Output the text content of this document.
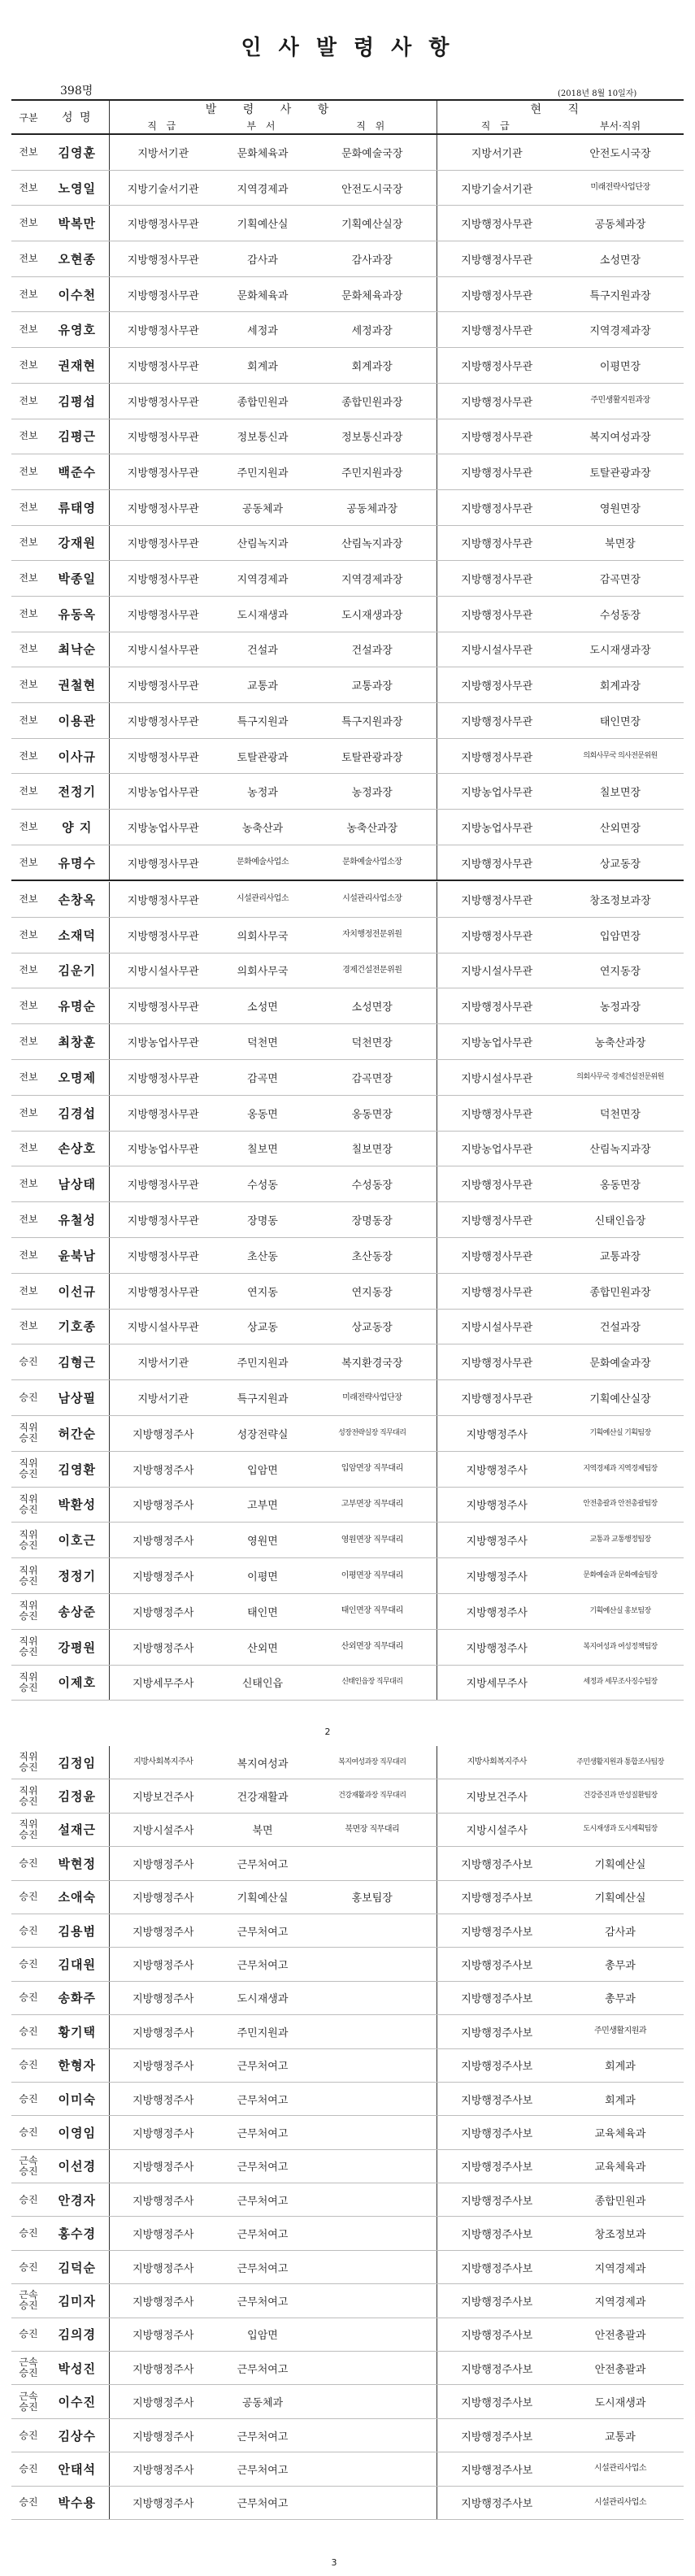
인 사 발 령 사 항
398명	(2018년 8월 10일자)
구분	성 명	발 령 사 항			현 직	
		직 급	부 서	직 위	직 급	부서·직위
전보	김영훈	지방서기관	문화체육과	문화예술국장	지방서기관	안전도시국장
전보	노영일	지방기술서기관	지역경제과	안전도시국장	지방기술서기관	미래전략사업단장
전보	박복만	지방행정사무관	기획예산실	기획예산실장	지방행정사무관	공동체과장
전보	오현종	지방행정사무관	감사과	감사과장	지방행정사무관	소성면장
전보	이수천	지방행정사무관	문화체육과	문화체육과장	지방행정사무관	특구지원과장
전보	유영호	지방행정사무관	세정과	세정과장	지방행정사무관	지역경제과장
전보	권재현	지방행정사무관	회계과	회계과장	지방행정사무관	이평면장
전보	김평섭	지방행정사무관	종합민원과	종합민원과장	지방행정사무관	주민생활지원과장
전보	김평근	지방행정사무관	정보통신과	정보통신과장	지방행정사무관	복지여성과장
전보	백준수	지방행정사무관	주민지원과	주민지원과장	지방행정사무관	토탈관광과장
전보	류태영	지방행정사무관	공동체과	공동체과장	지방행정사무관	영원면장
전보	강재원	지방행정사무관	산림녹지과	산림녹지과장	지방행정사무관	북면장
전보	박종일	지방행정사무관	지역경제과	지역경제과장	지방행정사무관	감곡면장
전보	유동옥	지방행정사무관	도시재생과	도시재생과장	지방행정사무관	수성동장
전보	최낙순	지방시설사무관	건설과	건설과장	지방시설사무관	도시재생과장
전보	권철현	지방행정사무관	교통과	교통과장	지방행정사무관	회계과장
전보	이용관	지방행정사무관	특구지원과	특구지원과장	지방행정사무관	태인면장
전보	이사규	지방행정사무관	토탈관광과	토탈관광과장	지방행정사무관	의회사무국 의사전문위원
전보	전정기	지방농업사무관	농정과	농정과장	지방농업사무관	칠보면장
전보	양 지	지방농업사무관	농축산과	농축산과장	지방농업사무관	산외면장
전보	유명수	지방행정사무관	문화예술사업소	문화예술사업소장	지방행정사무관	상교동장
전보	손창옥	지방행정사무관	시설관리사업소	시설관리사업소장	지방행정사무관	창조정보과장
전보	소재덕	지방행정사무관	의회사무국	자치행정전문위원	지방행정사무관	입암면장
전보	김운기	지방시설사무관	의회사무국	경제건설전문위원	지방시설사무관	연지동장
전보	유명순	지방행정사무관	소성면	소성면장	지방행정사무관	농정과장
전보	최창훈	지방농업사무관	덕천면	덕천면장	지방농업사무관	농축산과장
전보	오명제	지방행정사무관	감곡면	감곡면장	지방시설사무관	의회사무국 경제건설전문위원
전보	김경섭	지방행정사무관	옹동면	옹동면장	지방행정사무관	덕천면장
전보	손상호	지방농업사무관	칠보면	칠보면장	지방농업사무관	산림녹지과장
전보	남상태	지방행정사무관	수성동	수성동장	지방행정사무관	옹동면장
전보	유철성	지방행정사무관	장명동	장명동장	지방행정사무관	신태인읍장
전보	윤북남	지방행정사무관	초산동	초산동장	지방행정사무관	교통과장
전보	이선규	지방행정사무관	연지동	연지동장	지방행정사무관	종합민원과장
전보	기호종	지방시설사무관	상교동	상교동장	지방시설사무관	건설과장
승진	김형근	지방서기관	주민지원과	복지환경국장	지방행정사무관	문화예술과장
승진	남상필	지방서기관	특구지원과	미래전략사업단장	지방행정사무관	기획예산실장
직위 승진	허간순	지방행정주사	성장전략실	성장전략실장 직무대리	지방행정주사	기획예산실 기획팀장
직위 승진	김영환	지방행정주사	입암면	입암면장 직무대리	지방행정주사	지역경제과 지역경제팀장
직위 승진	박환성	지방행정주사	고부면	고부면장 직무대리	지방행정주사	안전총괄과 안전총괄팀장
직위 승진	이호근	지방행정주사	영원면	영원면장 직무대리	지방행정주사	교통과 교통행정팀장
직위 승진	정정기	지방행정주사	이평면	이평면장 직무대리	지방행정주사	문화예술과 문화예술팀장
직위 승진	송상준	지방행정주사	태인면	태인면장 직무대리	지방행정주사	기획예산실 홍보팀장
직위 승진	강평원	지방행정주사	산외면	산외면장 직무대리	지방행정주사	복지여성과 여성정책팀장
직위 승진	이제호	지방세무주사	신태인읍	신태인읍장 직무대리	지방세무주사	세정과 세무조사징수팀장
2
직위 승진	김정임	지방사회복지주사	복지여성과	복지여성과장 직무대리	지방사회복지주사	주민생활지원과 통합조사팀장
직위 승진	김정윤	지방보건주사	건강재활과	건강재활과장 직무대리	지방보건주사	건강증진과 만성질환팀장
직위 승진	설재근	지방시설주사	북면	북면장 직무대리	지방시설주사	도시재생과 도시계획팀장
승진	박현정	지방행정주사	근무처여고		지방행정주사보	기획예산실
승진	소애숙	지방행정주사	기획예산실	홍보팀장	지방행정주사보	기획예산실
승진	김용범	지방행정주사	근무처여고		지방행정주사보	감사과
승진	김대원	지방행정주사	근무처여고		지방행정주사보	총무과
승진	송화주	지방행정주사	도시재생과		지방행정주사보	총무과
승진	황기택	지방행정주사	주민지원과		지방행정주사보	주민생활지원과
승진	한형자	지방행정주사	근무처여고		지방행정주사보	회계과
승진	이미숙	지방행정주사	근무처여고		지방행정주사보	회계과
승진	이영임	지방행정주사	근무처여고		지방행정주사보	교육체육과
근속 승진	이선경	지방행정주사	근무처여고		지방행정주사보	교육체육과
승진	안경자	지방행정주사	근무처여고		지방행정주사보	종합민원과
승진	홍수경	지방행정주사	근무처여고		지방행정주사보	창조정보과
승진	김덕순	지방행정주사	근무처여고		지방행정주사보	지역경제과
근속 승진	김미자	지방행정주사	근무처여고		지방행정주사보	지역경제과
승진	김의경	지방행정주사	입암면		지방행정주사보	안전총괄과
근속 승진	박성진	지방행정주사	근무처여고		지방행정주사보	안전총괄과
근속 승진	이수진	지방행정주사	공동체과		지방행정주사보	도시재생과
승진	김상수	지방행정주사	근무처여고		지방행정주사보	교통과
승진	안태석	지방행정주사	근무처여고		지방행정주사보	시설관리사업소
승진	박수용	지방행정주사	근무처여고		지방행정주사보	시설관리사업소
3
